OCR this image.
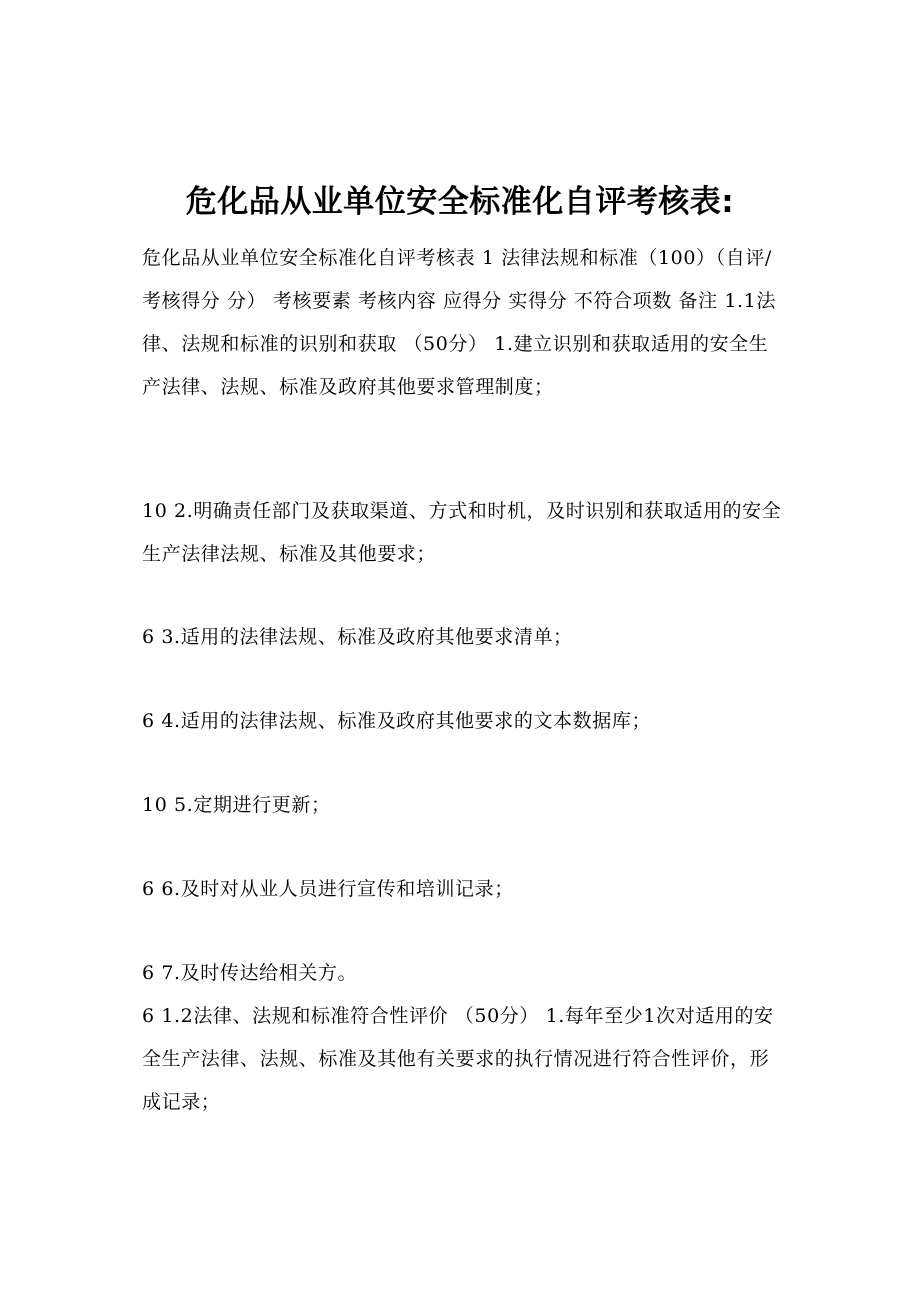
危化品从业单位安全标准化自评考核表:

危化品从业单位安全标准化自评考核表 1 法律法规和标准（100）（自评/考核得分 分） 考核要素 考核内容 应得分 实得分 不符合项数 备注 1.1法律、法规和标准的识别和获取 （50分） 1.建立识别和获取适用的安全生产法律、法规、标准及政府其他要求管理制度；

10 2.明确责任部门及获取渠道、方式和时机，及时识别和获取适用的安全生产法律法规、标准及其他要求；

6 3.适用的法律法规、标准及政府其他要求清单；

6 4.适用的法律法规、标准及政府其他要求的文本数据库；

10 5.定期进行更新；

6 6.及时对从业人员进行宣传和培训记录；

6 7.及时传达给相关方。

6 1.2法律、法规和标准符合性评价 （50分） 1.每年至少1次对适用的安全生产法律、法规、标准及其他有关要求的执行情况进行符合性评价，形成记录；
